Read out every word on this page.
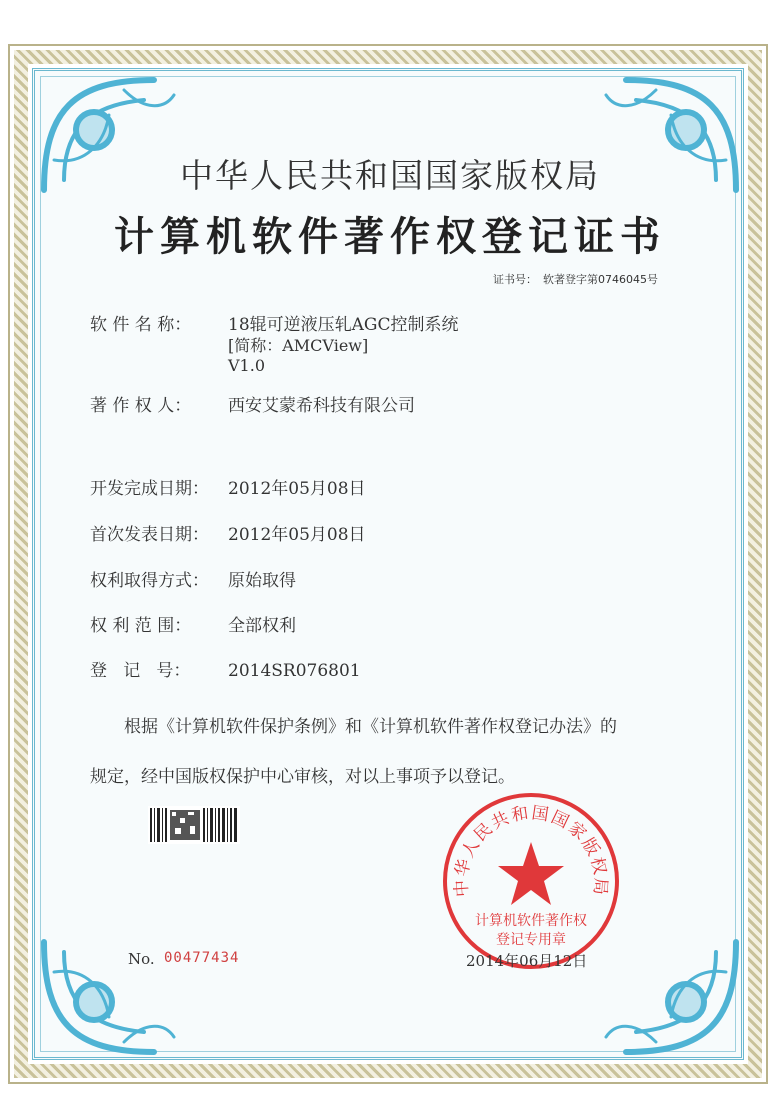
中华人民共和国国家版权局
计算机软件著作权登记证书
证书号： 软著登字第0746045号
软 件 名 称： 18辊可逆液压轧AGC控制系统
[简称：AMCView]
V1.0
著 作 权 人： 西安艾蒙希科技有限公司
开发完成日期： 2012年05月08日
首次发表日期： 2012年05月08日
权利取得方式： 原始取得
权 利 范 围： 全部权利
登   记   号： 2014SR076801
根据《计算机软件保护条例》和《计算机软件著作权登记办法》的
规定，经中国版权保护中心审核，对以上事项予以登记。
中华人民共和国国家版权局
计算机软件著作权
登记专用章
No. 00477434	2014年06月12日
